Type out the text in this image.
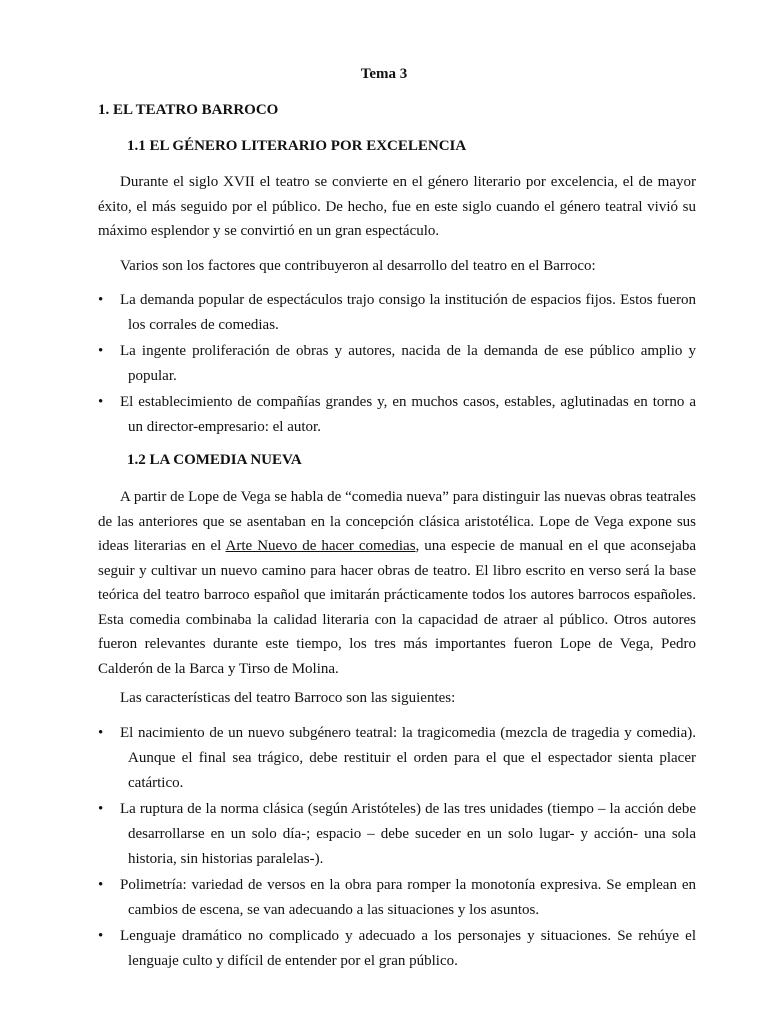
Tema 3

1. EL TEATRO BARROCO

1.1 EL GÉNERO LITERARIO POR EXCELENCIA

Durante el siglo XVII el teatro se convierte en el género literario por excelencia, el de mayor éxito, el más seguido por el público. De hecho, fue en este siglo cuando el género teatral vivió su máximo esplendor y se convirtió en un gran espectáculo.

Varios son los factores que contribuyeron al desarrollo del teatro en el Barroco:

• La demanda popular de espectáculos trajo consigo la institución de espacios fijos. Estos fueron los corrales de comedias.
• La ingente proliferación de obras y autores, nacida de la demanda de ese público amplio y popular.
• El establecimiento de compañías grandes y, en muchos casos, estables, aglutinadas en torno a un director-empresario: el autor.

1.2 LA COMEDIA NUEVA

A partir de Lope de Vega se habla de “comedia nueva” para distinguir las nuevas obras teatrales de las anteriores que se asentaban en la concepción clásica aristotélica. Lope de Vega expone sus ideas literarias en el Arte Nuevo de hacer comedias, una especie de manual en el que aconsejaba seguir y cultivar un nuevo camino para hacer obras de teatro. El libro escrito en verso será la base teórica del teatro barroco español que imitarán prácticamente todos los autores barrocos españoles. Esta comedia combinaba la calidad literaria con la capacidad de atraer al público. Otros autores fueron relevantes durante este tiempo, los tres más importantes fueron Lope de Vega, Pedro Calderón de la Barca y Tirso de Molina.

Las características del teatro Barroco son las siguientes:

• El nacimiento de un nuevo subgénero teatral: la tragicomedia (mezcla de tragedia y comedia). Aunque el final sea trágico, debe restituir el orden para el que el espectador sienta placer catártico.
• La ruptura de la norma clásica (según Aristóteles) de las tres unidades (tiempo – la acción debe desarrollarse en un solo día-; espacio – debe suceder en un solo lugar- y acción- una sola historia, sin historias paralelas-).
• Polimetría: variedad de versos en la obra para romper la monotonía expresiva. Se emplean en cambios de escena, se van adecuando a las situaciones y los asuntos.
• Lenguaje dramático no complicado y adecuado a los personajes y situaciones. Se rehúye el lenguaje culto y difícil de entender por el gran público.
